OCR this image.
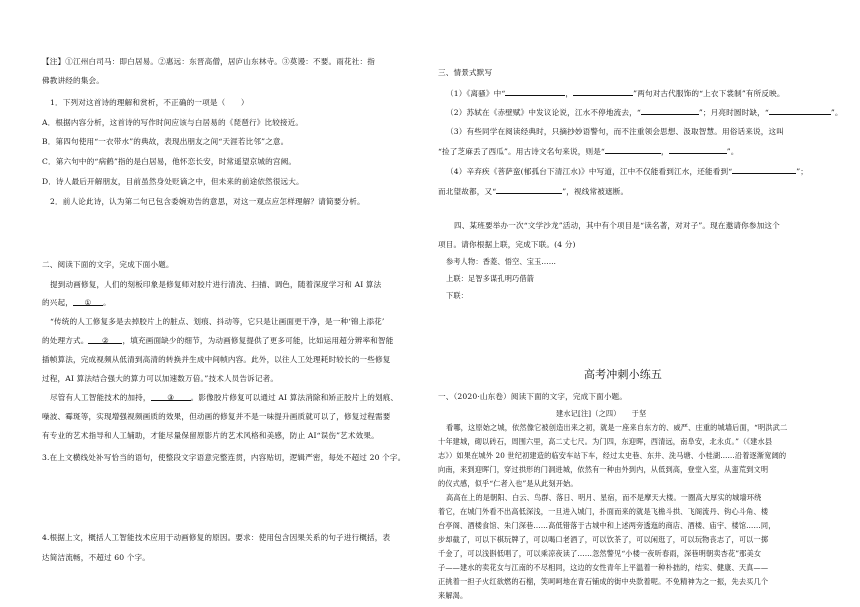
【注】①江州白司马：即白居易。②惠远：东晋高僧，居庐山东林寺。③莫谩：不要。雨花社：指
佛教讲经的集会。
1．下列对这首诗的理解和赏析，不正确的一项是（　　）
A．根据内容分析，这首诗的写作时间应该与白居易的《琵琶行》比较接近。
B．第四句使用“一衣带水”的典故，表现出朋友之间“天涯若比邻”之意。
C．第六句中的“病鹤”指的是白居易，他怀恋长安，时常遥望京城的宫阙。
D．诗人最后开解朋友，目前虽然身处贬谪之中，但未来的前途依然很远大。
2．前人论此诗，认为第二句已包含委婉劝告的意思，对这一观点应怎样理解？请简要分析。
二、阅读下面的文字，完成下面小题。
提到动画修复，人们的刻板印象是修复师对胶片进行清洗、扫描、调色，随着深度学习和 AI 算法
的兴起， ① 。
“传统的人工修复多是去掉胶片上的脏点、划痕、抖动等，它只是让画面更干净，是一种‘锦上添花’
的处理方式。 ② ，填充画面缺少的细节，为动画修复提供了更多可能，比如运用超分辨率和智能
插帧算法，完成视频从低清到高清的转换并生成中间帧内容。此外，以往人工处理耗时较长的一些修复
过程，AI 算法结合强大的算力可以加速数万倍。”技术人员告诉记者。
尽管有人工智能技术的加持， ③ 。影像胶片修复可以通过 AI 算法消除和矫正胶片上的划痕、
噪波、霉斑等，实现增强视频画质的效果，但动画的修复并不是一味提升画质就可以了，修复过程需要
有专业的艺术指导和人工辅助，才能尽量保留原影片的艺术风格和美感，防止 AI“误伤”艺术效果。
3.在上文横线处补写恰当的语句，使整段文字语意完整连贯，内容贴切，逻辑严密，每处不超过 20 个字。
4.根据上文，概括人工智能技术应用于动画修复的原因。要求：使用包含因果关系的句子进行概括，表
达简洁流畅，不超过 60 个字。
三、情景式默写
（1）《离骚》中“	，	”两句对古代服饰的“上衣下裳制”有所反映。
（2）苏轼在《赤壁赋》中发议论说，江水不停地流去，“	”；月亮时圆时缺，“	”。
（3）有些同学在阅读经典时，只摘抄妙语警句，而不注重领会思想、汲取智慧。用俗话来说，这叫
“捡了芝麻丢了西瓜”。用古诗文名句来说，则是“	，	”。
（4）辛弃疾《菩萨蛮(郁孤台下清江水)》中写道，江中不仅能看到江水，还能看到“	”；
而北望故都，又“	”，视线常被遮断。
四、某班要举办一次“文学沙龙”活动，其中有个项目是“读名著，对对子”。现在邀请你参加这个
项目。请你根据上联，完成下联。(4 分)
参考人物：香菱、悟空、宝玉……
上联：足智多谋孔明巧借箭
下联：
高考冲刺小练五
一、（2020·山东卷）阅读下面的文字，完成下面小题。
建水记[注]（之四）　　于坚
看哪，这原始之城，依然像它被创造出来之初，就是一座来自东方的、威严、庄重的城墙后面，“明洪武二
十年建城，砌以砖石，周围六里，高二丈七尺。为门四，东迎晖，西清远，南阜安，北永贞。”（《建水县
志》）如果在城外 20 世纪初建造的临安车站下车，经过太史巷、东井、洗马塘、小桂湖……沿着逐渐宽阔的
向南，来到迎晖门，穿过拱形的门洞进城，依然有一种由外到内，从低到高，登堂入室，从蛮荒到文明
的仪式感，似乎“仁者入也”是从此刻开始。
高高在上的是朝阳、白云、鸟群、落日、明月、星宿，而不是摩天大楼。一圈高大厚实的城墙环绕
着它，在城门外看不出高低深浅，一旦进入城门，扑面而来的就是飞檐斗拱、飞阁流丹、钩心斗角、楼
台亭阁、酒楼食馆、朱门深巷……高低错落于古城中和上述两旁透迤的商店、酒楼、庙宇、楼馆……同，
步却截了，可以下棋玩牌了，可以喝口老酒了，可以饮茶了，可以闲逛了，可以玩物丧志了，可以一掷
千金了，可以浅斟低唱了，可以乘凉夜读了……忽然警见“小楼一夜听春雨，深巷明朝卖杏花”那美女
子——建水的卖花女与江南的不尽相同，这边的女性青年上平温着一种朴拙的，结实、健康、天真——
正挑着一担子火红欲燃的石榴，笑呵呵地在青石铺成的街中央款着呢。不免精神为之一振，先去买几个
来解渴。
